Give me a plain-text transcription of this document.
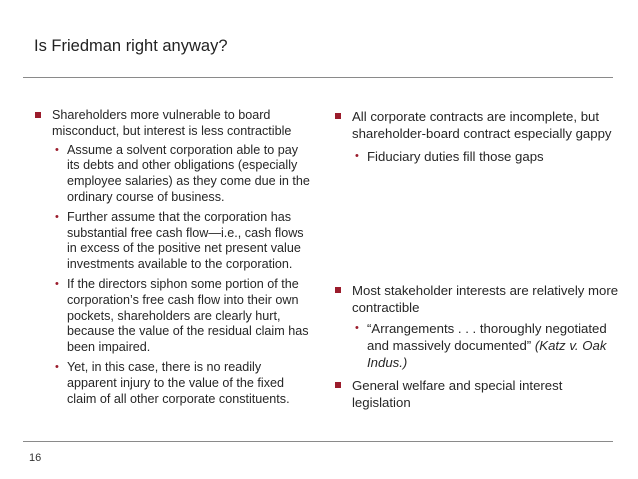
Is Friedman right anyway?
Shareholders more vulnerable to board misconduct, but interest is less contractible
• Assume a solvent corporation able to pay its debts and other obligations (especially employee salaries) as they come due in the ordinary course of business.
• Further assume that the corporation has substantial free cash flow—i.e., cash flows in excess of the positive net present value investments available to the corporation.
• If the directors siphon some portion of the corporation’s free cash flow into their own pockets, shareholders are clearly hurt, because the value of the residual claim has been impaired.
• Yet, in this case, there is no readily apparent injury to the value of the fixed claim of all other corporate constituents.
All corporate contracts are incomplete, but shareholder-board contract especially gappy
• Fiduciary duties fill those gaps
Most stakeholder interests are relatively more contractible
• “Arrangements . . . thoroughly negotiated and massively documented” (Katz v. Oak Indus.)
General welfare and special interest legislation
16
